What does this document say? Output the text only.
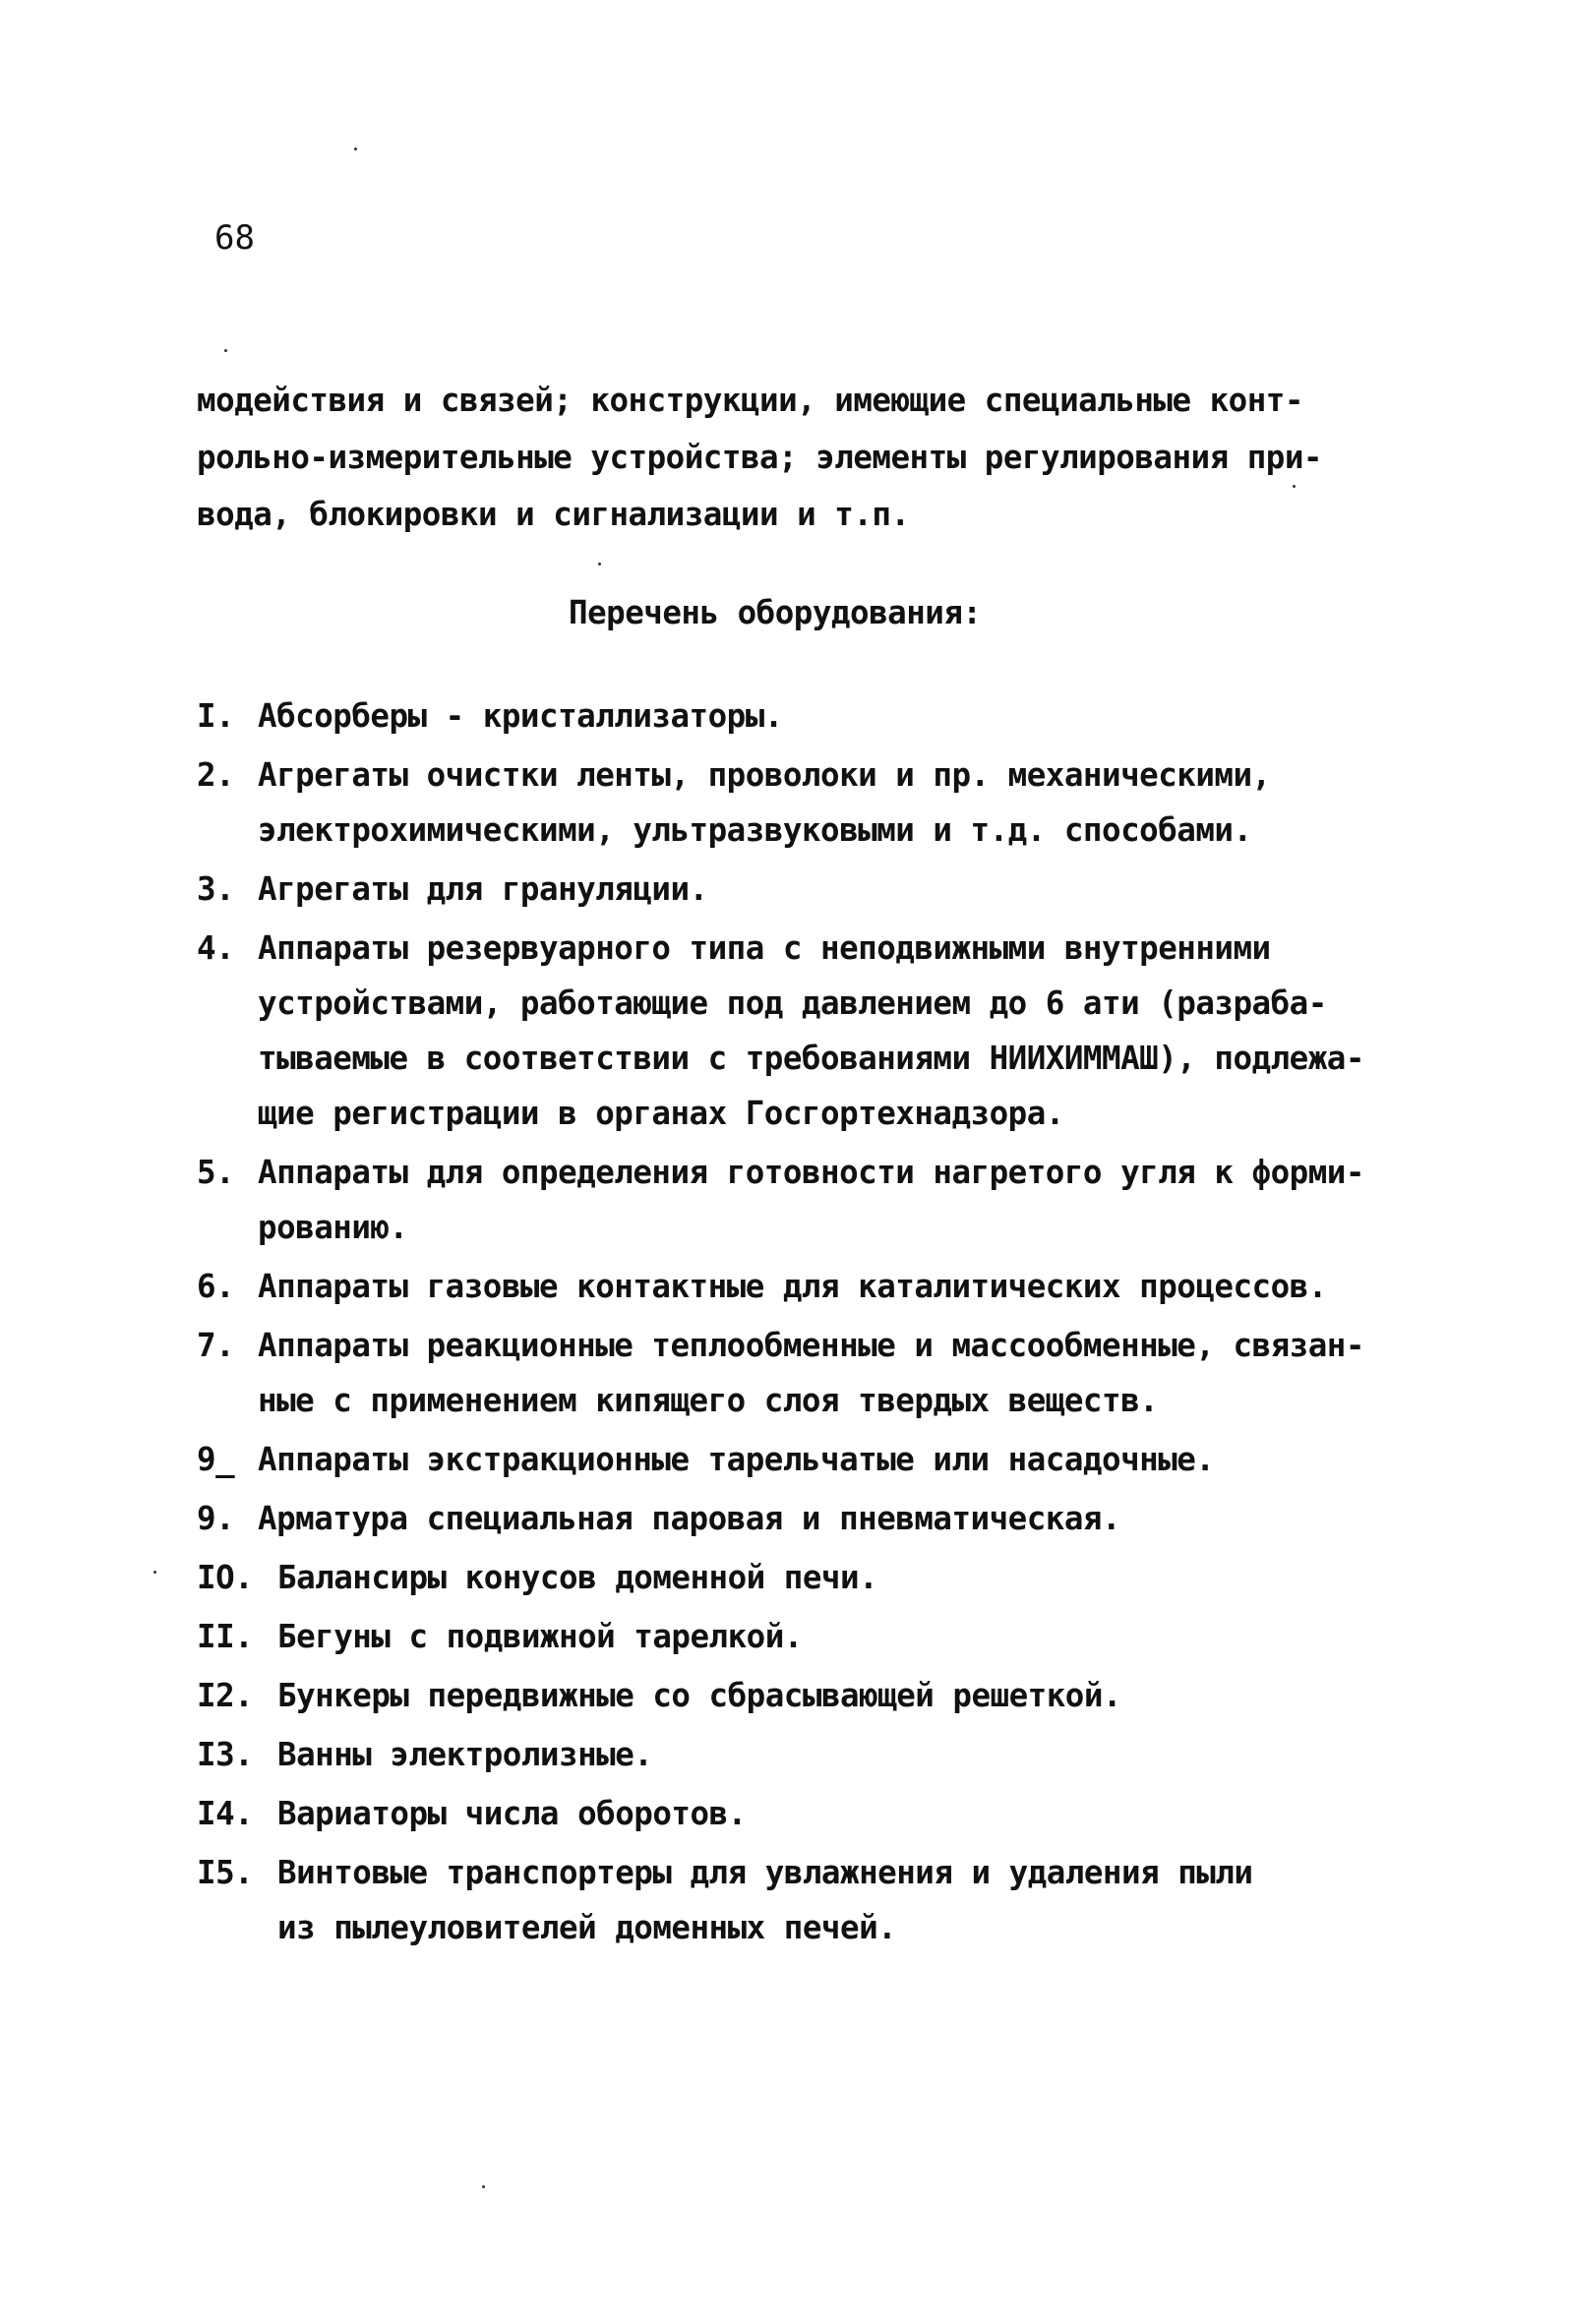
68
модействия и связей; конструкции, имеющие специальные конт-
рольно-измерительные устройства; элементы регулирования при-
вода, блокировки и сигнализации и т.п.
Перечень оборудования:
I. Абсорберы - кристаллизаторы.
2. Агрегаты очистки ленты, проволоки и пр. механическими,
электрохимическими, ультразвуковыми и т.д. способами.
3. Агрегаты для грануляции.
4. Аппараты резервуарного типа с неподвижными внутренними
устройствами, работающие под давлением до 6 ати (разраба-
тываемые в соответствии с требованиями НИИХИММАШ), подлежа-
щие регистрации в органах Госгортехнадзора.
5. Аппараты для определения готовности нагретого угля к форми-
рованию.
6. Аппараты газовые контактные для каталитических процессов.
7. Аппараты реакционные теплообменные и массообменные, связан-
ные с применением кипящего слоя твердых веществ.
9_ Аппараты экстракционные тарельчатые или насадочные.
9. Арматура специальная паровая и пневматическая.
IO. Балансиры конусов доменной печи.
II. Бегуны с подвижной тарелкой.
I2. Бункеры передвижные со сбрасывающей решеткой.
I3. Ванны электролизные.
I4. Вариаторы числа оборотов.
I5. Винтовые транспортеры для увлажнения и удаления пыли
из пылеуловителей доменных печей.
